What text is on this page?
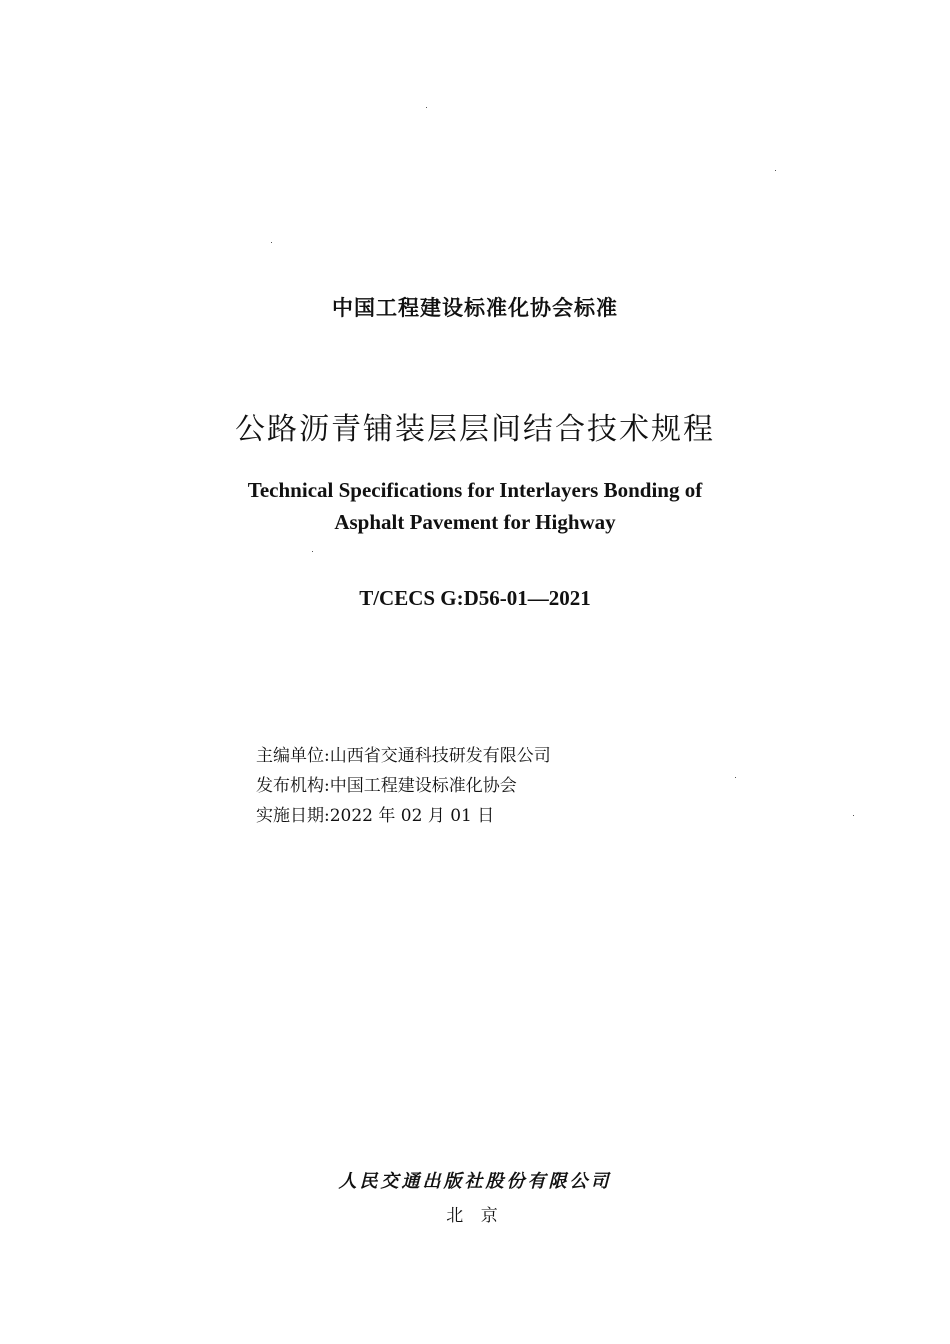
中国工程建设标准化协会标准
公路沥青铺装层层间结合技术规程
Technical Specifications for Interlayers Bonding of
Asphalt Pavement for Highway
T/CECS G:D56-01—2021
主编单位:山西省交通科技研发有限公司
发布机构:中国工程建设标准化协会
实施日期:2022 年 02 月 01 日
人民交通出版社股份有限公司
北 京
